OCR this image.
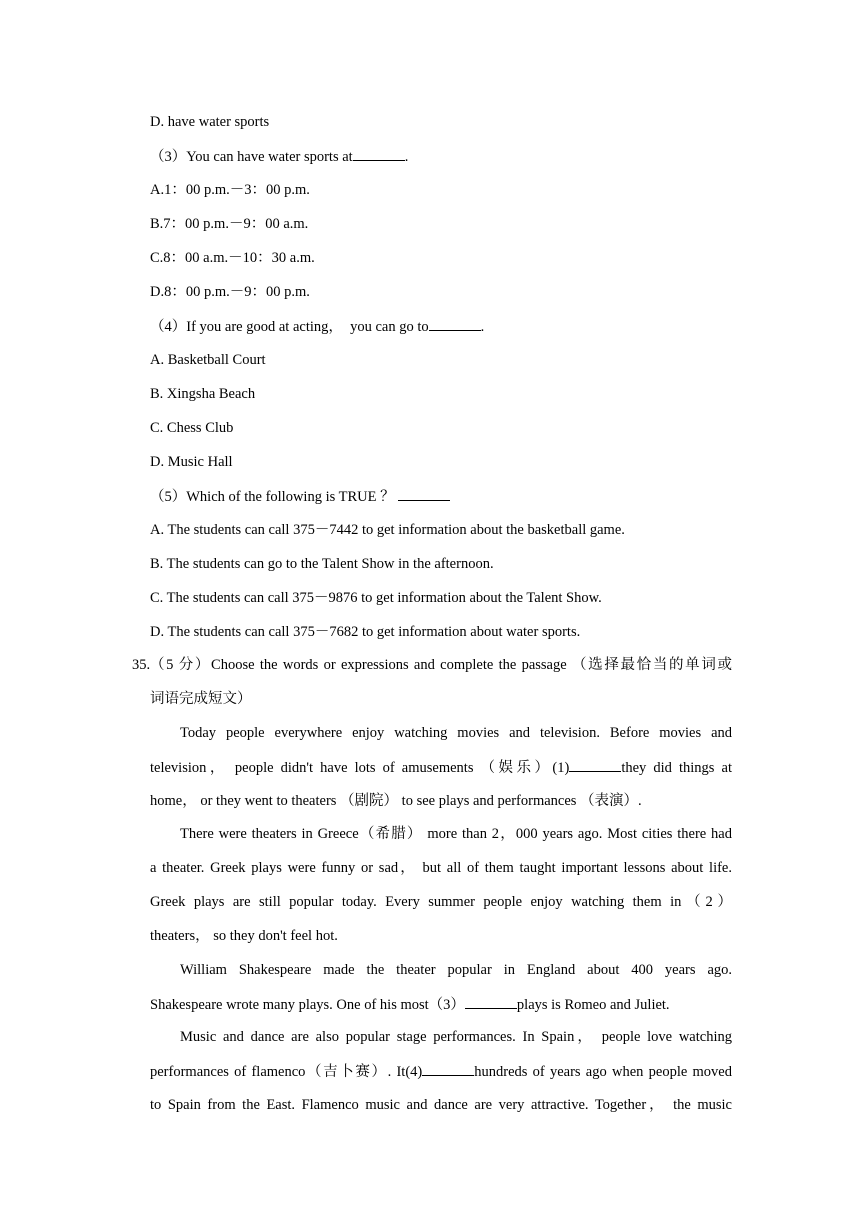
D. have water sports
（3）You can have water sports at	.
A.1：00 p.m.－3：00 p.m.
B.7：00 p.m.－9：00 a.m.
C.8：00 a.m.－10：30 a.m.
D.8：00 p.m.－9：00 p.m.
（4）If you are good at acting，  you can go to	.
A. Basketball Court
B. Xingsha Beach
C. Chess Club
D. Music Hall
（5）Which of the following is TRUE ？
A. The students can call 375－7442 to get information about the basketball game.
B. The students can go to the Talent Show in the afternoon.
C. The students can call 375－9876 to get information about the Talent Show.
D. The students can call 375－7682 to get information about water sports.
35. （5 分）Choose the words or expressions and complete the passage （选择最恰当的单词或
词语完成短文）
Today people everywhere enjoy watching movies and television. Before movies and
television， people didn't have lots of amusements （娱乐）(1)	they did things at
home， or they went to theaters （剧院） to see plays and performances （表演）.
There were theaters in Greece（希腊） more than 2，000 years ago. Most cities there had
a theater. Greek plays were funny or sad， but all of them taught important lessons about life.
Greek plays are still popular today. Every summer people enjoy watching them in（2）
theaters， so they don't feel hot.
William Shakespeare made the theater popular in England about 400 years ago.
Shakespeare wrote many plays. One of his most（3）	plays is Romeo and Juliet.
Music and dance are also popular stage performances. In Spain， people love watching
performances of flamenco（吉卜赛）. It(4)	hundreds of years ago when people moved
to Spain from the East. Flamenco music and dance are very attractive. Together， the music
